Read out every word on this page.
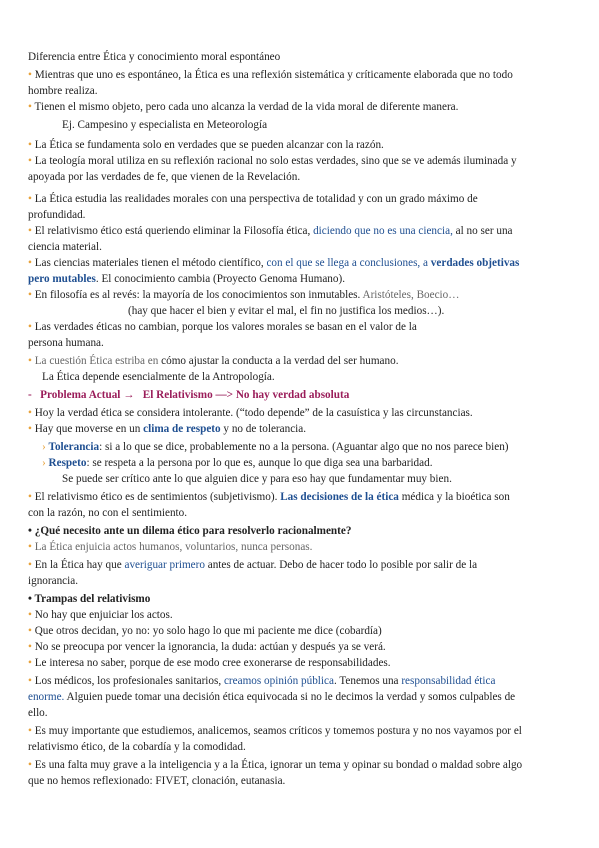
Diferencia entre Ética y conocimiento moral espontáneo
• Mientras que uno es espontáneo, la Ética es una reflexión sistemática y críticamente elaborada que no todo
hombre realiza.
• Tienen el mismo objeto, pero cada uno alcanza la verdad de la vida moral de diferente manera.
Ej. Campesino y especialista en Meteorología
• La Ética se fundamenta solo en verdades que se pueden alcanzar con la razón.
• La teología moral utiliza en su reflexión racional no solo estas verdades, sino que se ve además iluminada y
apoyada por las verdades de fe, que vienen de la Revelación.
• La Ética estudia las realidades morales con una perspectiva de totalidad y con un grado máximo de
profundidad.
• El relativismo ético está queriendo eliminar la Filosofía ética, diciendo que no es una ciencia, al no ser una
ciencia material.
• Las ciencias materiales tienen el método científico, con el que se llega a conclusiones, a verdades objetivas
pero mutables. El conocimiento cambia (Proyecto Genoma Humano).
• En filosofía es al revés: la mayoría de los conocimientos son inmutables. Aristóteles, Boecio…
(hay que hacer el bien y evitar el mal, el fin no justifica los medios…).
• Las verdades éticas no cambian, porque los valores morales se basan en el valor de la
persona humana.
• La cuestión Ética estriba en cómo ajustar la conducta a la verdad del ser humano.
La Ética depende esencialmente de la Antropología.
- Problema Actual → El Relativismo —> No hay verdad absoluta
• Hoy la verdad ética se considera intolerante. (“todo depende” de la casuística y las circunstancias.
• Hay que moverse en un clima de respeto y no de tolerancia.
› Tolerancia: si a lo que se dice, probablemente no a la persona. (Aguantar algo que no nos parece bien)
› Respeto: se respeta a la persona por lo que es, aunque lo que diga sea una barbaridad.
Se puede ser crítico ante lo que alguien dice y para eso hay que fundamentar muy bien.
• El relativismo ético es de sentimientos (subjetivismo). Las decisiones de la ética médica y la bioética son
con la razón, no con el sentimiento.
• ¿Qué necesito ante un dilema ético para resolverlo racionalmente?
• La Ética enjuicia actos humanos, voluntarios, nunca personas.
• En la Ética hay que averiguar primero antes de actuar. Debo de hacer todo lo posible por salir de la
ignorancia.
• Trampas del relativismo
• No hay que enjuiciar los actos.
• Que otros decidan, yo no: yo solo hago lo que mi paciente me dice (cobardía)
• No se preocupa por vencer la ignorancia, la duda: actúan y después ya se verá.
• Le interesa no saber, porque de ese modo cree exonerarse de responsabilidades.
• Los médicos, los profesionales sanitarios, creamos opinión pública. Tenemos una responsabilidad ética
enorme. Alguien puede tomar una decisión ética equivocada si no le decimos la verdad y somos culpables de
ello.
• Es muy importante que estudiemos, analicemos, seamos críticos y tomemos postura y no nos vayamos por el
relativismo ético, de la cobardía y la comodidad.
• Es una falta muy grave a la inteligencia y a la Ética, ignorar un tema y opinar su bondad o maldad sobre algo
que no hemos reflexionado: FIVET, clonación, eutanasia.
